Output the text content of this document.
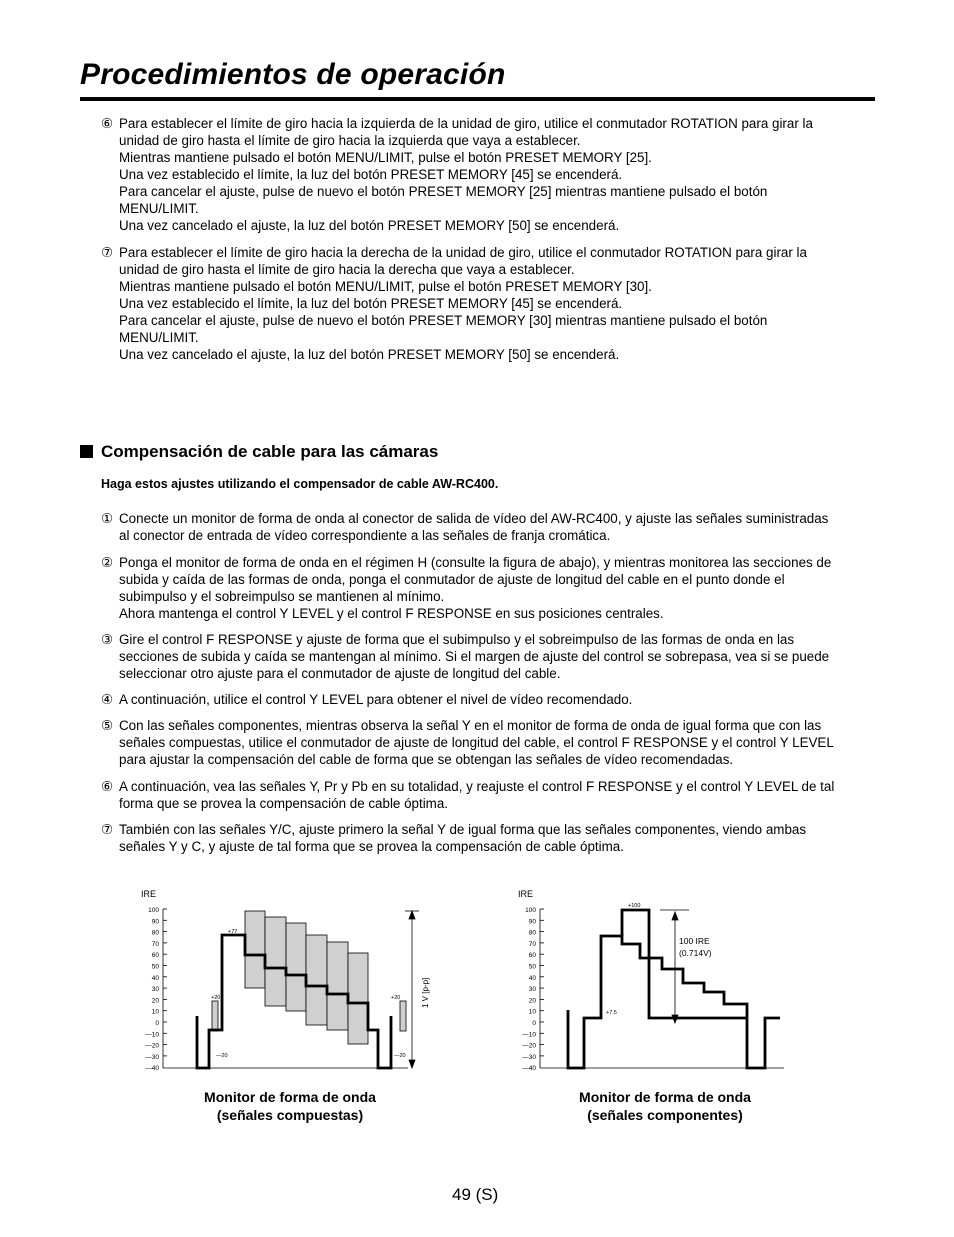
Procedimientos de operación
⑥ Para establecer el límite de giro hacia la izquierda de la unidad de giro, utilice el conmutador ROTATION para girar la
unidad de giro hasta el límite de giro hacia la izquierda que vaya a establecer.
Mientras mantiene pulsado el botón MENU/LIMIT, pulse el botón PRESET MEMORY [25].
Una vez establecido el límite, la luz del botón PRESET MEMORY [45] se encenderá.
Para cancelar el ajuste, pulse de nuevo el botón PRESET MEMORY [25] mientras mantiene pulsado el botón
MENU/LIMIT.
Una vez cancelado el ajuste, la luz del botón PRESET MEMORY [50] se encenderá.
⑦ Para establecer el límite de giro hacia la derecha de la unidad de giro, utilice el conmutador ROTATION para girar la
unidad de giro hasta el límite de giro hacia la derecha que vaya a establecer.
Mientras mantiene pulsado el botón MENU/LIMIT, pulse el botón PRESET MEMORY [30].
Una vez establecido el límite, la luz del botón PRESET MEMORY [45] se encenderá.
Para cancelar el ajuste, pulse de nuevo el botón PRESET MEMORY [30] mientras mantiene pulsado el botón
MENU/LIMIT.
Una vez cancelado el ajuste, la luz del botón PRESET MEMORY [50] se encenderá.
Compensación de cable para las cámaras
Haga estos ajustes utilizando el compensador de cable AW-RC400.
① Conecte un monitor de forma de onda al conector de salida de vídeo del AW-RC400, y ajuste las señales suministradas
al conector de entrada de vídeo correspondiente a las señales de franja cromática.
② Ponga el monitor de forma de onda en el régimen H (consulte la figura de abajo), y mientras monitorea las secciones de
subida y caída de las formas de onda, ponga el conmutador de ajuste de longitud del cable en el punto donde el
subimpulso y el sobreimpulso se mantienen al mínimo.
Ahora mantenga el control Y LEVEL y el control F RESPONSE en sus posiciones centrales.
③ Gire el control F RESPONSE y ajuste de forma que el subimpulso y el sobreimpulso de las formas de onda en las
secciones de subida y caída se mantengan al mínimo. Si el margen de ajuste del control se sobrepasa, vea si se puede
seleccionar otro ajuste para el conmutador de ajuste de longitud del cable.
④ A continuación, utilice el control Y LEVEL para obtener el nivel de vídeo recomendado.
⑤ Con las señales componentes, mientras observa la señal Y en el monitor de forma de onda de igual forma que con las
señales compuestas, utilice el conmutador de ajuste de longitud del cable, el control F RESPONSE y el control Y LEVEL
para ajustar la compensación del cable de forma que se obtengan las señales de vídeo recomendadas.
⑥ A continuación, vea las señales Y, Pr y Pb en su totalidad, y reajuste el control F RESPONSE y el control Y LEVEL de tal
forma que se provea la compensación de cable óptima.
⑦ También con las señales Y/C, ajuste primero la señal Y de igual forma que las señales componentes, viendo ambas
señales Y y C, y ajuste de tal forma que se provea la compensación de cable óptima.
IRE
100
90
80
70
60
50
40
30
20
10
0
—10
—20
—30
—40
+77
+20
—20
+20
—20
1 V [p-p]
IRE
100
90
80
70
60
50
40
30
20
10
0
—10
—20
—30
—40
+100
+7.5
100 IRE
(0.714V)
Monitor de forma de onda
(señales compuestas)
Monitor de forma de onda
(señales componentes)
49 (S)
